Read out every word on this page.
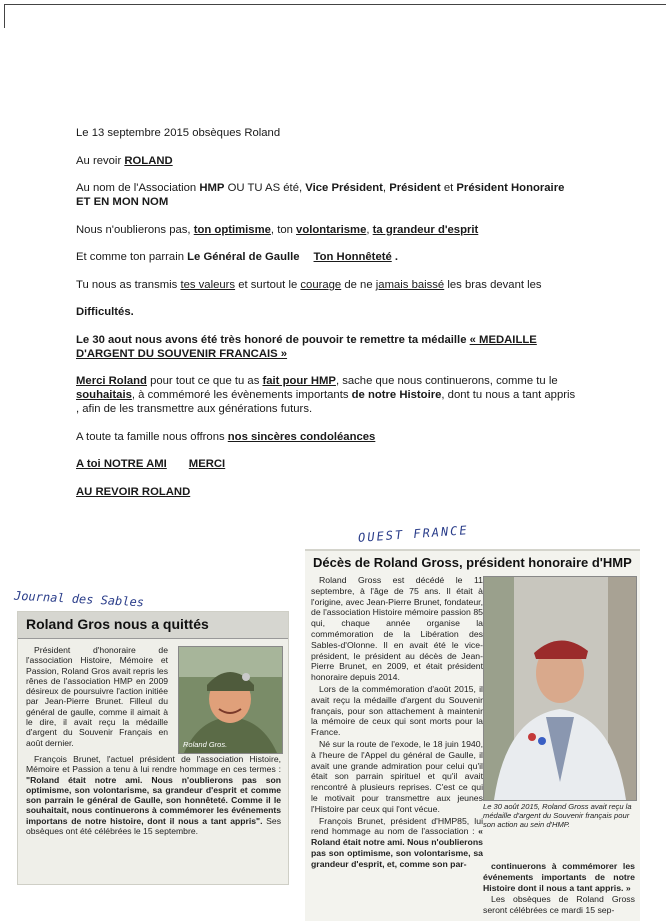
Le 13 septembre 2015 obsèques Roland

Au revoir ROLAND

Au nom de l'Association HMP OU TU AS été, Vice Président, Président et Président Honoraire
ET EN MON NOM

Nous n'oublierons pas, ton optimisme, ton volontarisme, ta grandeur d'esprit

Et comme ton parrain Le Général de Gaulle Ton Honnêteté .

Tu nous as transmis tes valeurs et surtout le courage de ne jamais baissé les bras devant les

Difficultés.

Le 30 aout nous avons été très honoré de pouvoir te remettre ta médaille « MEDAILLE D'ARGENT DU SOUVENIR FRANCAIS »

Merci Roland pour tout ce que tu as fait pour HMP, sache que nous continuerons, comme tu le souhaitais, à commémoré les évènements importants de notre Histoire, dont tu nous a tant appris
, afin de les transmettre aux générations futurs.

A toute ta famille nous offrons nos sincères condoléances

A toi NOTRE AMI MERCI

AU REVOIR ROLAND

Journal des Sables
OUEST FRANCE
Roland Gros nous a quittés

Président d'honoraire de l'association Histoire, Mémoire et Passion, Roland Gros avait repris les rênes de l'association HMP en 2009 désireux de poursuivre l'action initiée par Jean-Pierre Brunet. Filleul du général de gaulle, comme il aimait à le dire, il avait reçu la médaille d'argent du Souvenir Français en août dernier.	Roland Gros.

François Brunet, l'actuel président de l'association Histoire, Mémoire et Passion a tenu à lui rendre hommage en ces termes : "Roland était notre ami. Nous n'oublierons pas son optimisme, son volontarisme, sa grandeur d'esprit et comme son parrain le général de Gaulle, son honnêteté. Comme il le souhaitait, nous continuerons à commémorer les événements importans de notre histoire, dont il nous a tant appris". Ses obsèques ont été célébrées le 15 septembre.

Décès de Roland Gross, président honoraire d'HMP

Roland Gross est décédé le 11 septembre, à l'âge de 75 ans. Il était à l'origine, avec Jean-Pierre Brunet, fondateur, de l'association Histoire mémoire passion 85 qui, chaque année organise la commémoration de la Libération des Sables-d'Olonne. Il en avait été le vice-président, le président au décès de Jean-Pierre Brunet, en 2009, et était président honoraire depuis 2014.

Lors de la commémoration d'août 2015, il avait reçu la médaille d'argent du Souvenir français, pour son attachement à maintenir la mémoire de ceux qui sont morts pour la France.

Né sur la route de l'exode, le 18 juin 1940, à l'heure de l'Appel du général de Gaulle, il avait une grande admiration pour celui qu'il était son parrain spirituel et qu'il avait rencontré à plusieurs reprises. C'est ce qui le motivait pour transmettre aux jeunes l'Histoire par ceux qui l'ont vécue.

François Brunet, président d'HMP85, lui rend hommage au nom de l'association : « Roland était notre ami. Nous n'oublierons pas son optimisme, son volontarisme, sa grandeur d'esprit, et, comme son par-

Le 30 août 2015, Roland Gross avait reçu la médaille d'argent du Souvenir français pour son action au sein d'HMP.

continuerons à commémorer les événements importants de notre Histoire dont il nous a tant appris. »

Les obsèques de Roland Gross seront célébrées ce mardi 15 sep-
